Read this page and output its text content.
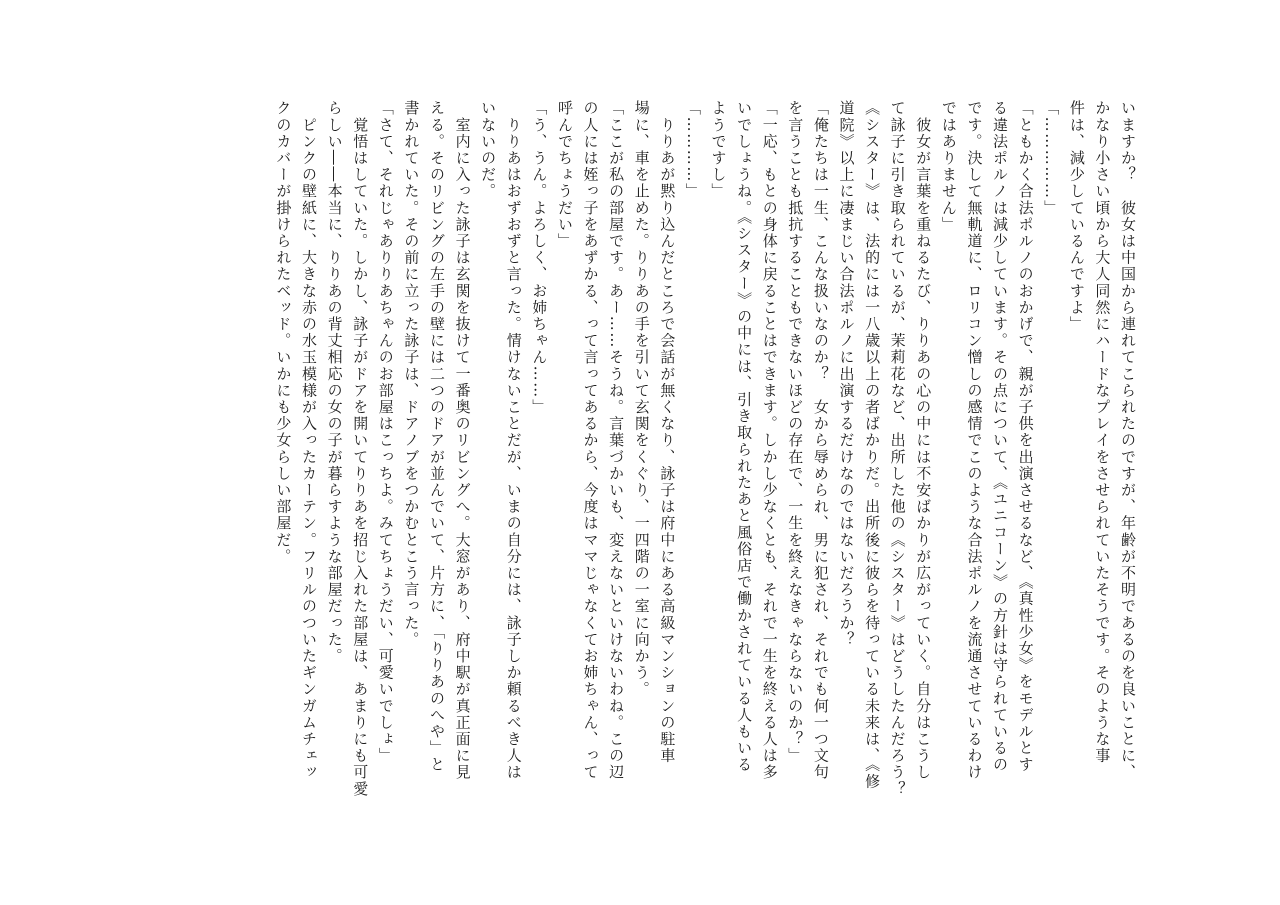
いますか？　彼女は中国から連れてこられたのですが、年齢が不明であるのを良いことに、
かなり小さい頃から大人同然にハードなプレイをさせられていたそうです。そのような事
件は、減少しているんですよ」
「……………」
「ともかく合法ポルノのおかげで、親が子供を出演させるなど、《真性少女》をモデルとす
る違法ポルノは減少しています。その点について、《ユニコーン》の方針は守られているの
です。決して無軌道に、ロリコン憎しの感情でこのような合法ポルノを流通させているわけ
ではありません」
　彼女が言葉を重ねるたび、りりあの心の中には不安ばかりが広がっていく。自分はこうし
て詠子に引き取られているが、茉莉花など、出所した他の《シスター》はどうしたんだろう？
《シスター》は、法的には一八歳以上の者ばかりだ。出所後に彼らを待っている未来は、《修
道院》以上に凄まじい合法ポルノに出演するだけなのではないだろうか？
「俺たちは一生、こんな扱いなのか？　女から辱められ、男に犯され、それでも何一つ文句
を言うことも抵抗することもできないほどの存在で、一生を終えなきゃならないのか？」
「一応、もとの身体に戻ることはできます。しかし少なくとも、それで一生を終える人は多
いでしょうね。《シスター》の中には、引き取られたあと風俗店で働かされている人もいる
ようですし」
「…………」
　りりあが黙り込んだところで会話が無くなり、詠子は府中にある高級マンションの駐車
場に、車を止めた。りりあの手を引いて玄関をくぐり、一四階の一室に向かう。
「ここが私の部屋です。あー……そうね。言葉づかいも、変えないといけないわね。この辺
の人には姪っ子をあずかる、って言ってあるから、今度はママじゃなくてお姉ちゃん、って
呼んでちょうだい」
「う、うん。よろしく、お姉ちゃん……」
　りりあはおずおずと言った。情けないことだが、いまの自分には、詠子しか頼るべき人は
いないのだ。
　室内に入った詠子は玄関を抜けて一番奥のリビングへ。大窓があり、府中駅が真正面に見
える。そのリビングの左手の壁には二つのドアが並んでいて、片方に、「りりあのへや」と
書かれていた。その前に立った詠子は、ドアノブをつかむとこう言った。
「さて、それじゃありりあちゃんのお部屋はこっちよ。みてちょうだい、可愛いでしょ」
　覚悟はしていた。しかし、詠子がドアを開いてりりあを招じ入れた部屋は、あまりにも可愛
らしい――本当に、りりあの背丈相応の女の子が暮らすような部屋だった。
　ピンクの壁紙に、大きな赤の水玉模様が入ったカーテン。フリルのついたギンガムチェッ
クのカバーが掛けられたベッド。いかにも少女らしい部屋だ。
